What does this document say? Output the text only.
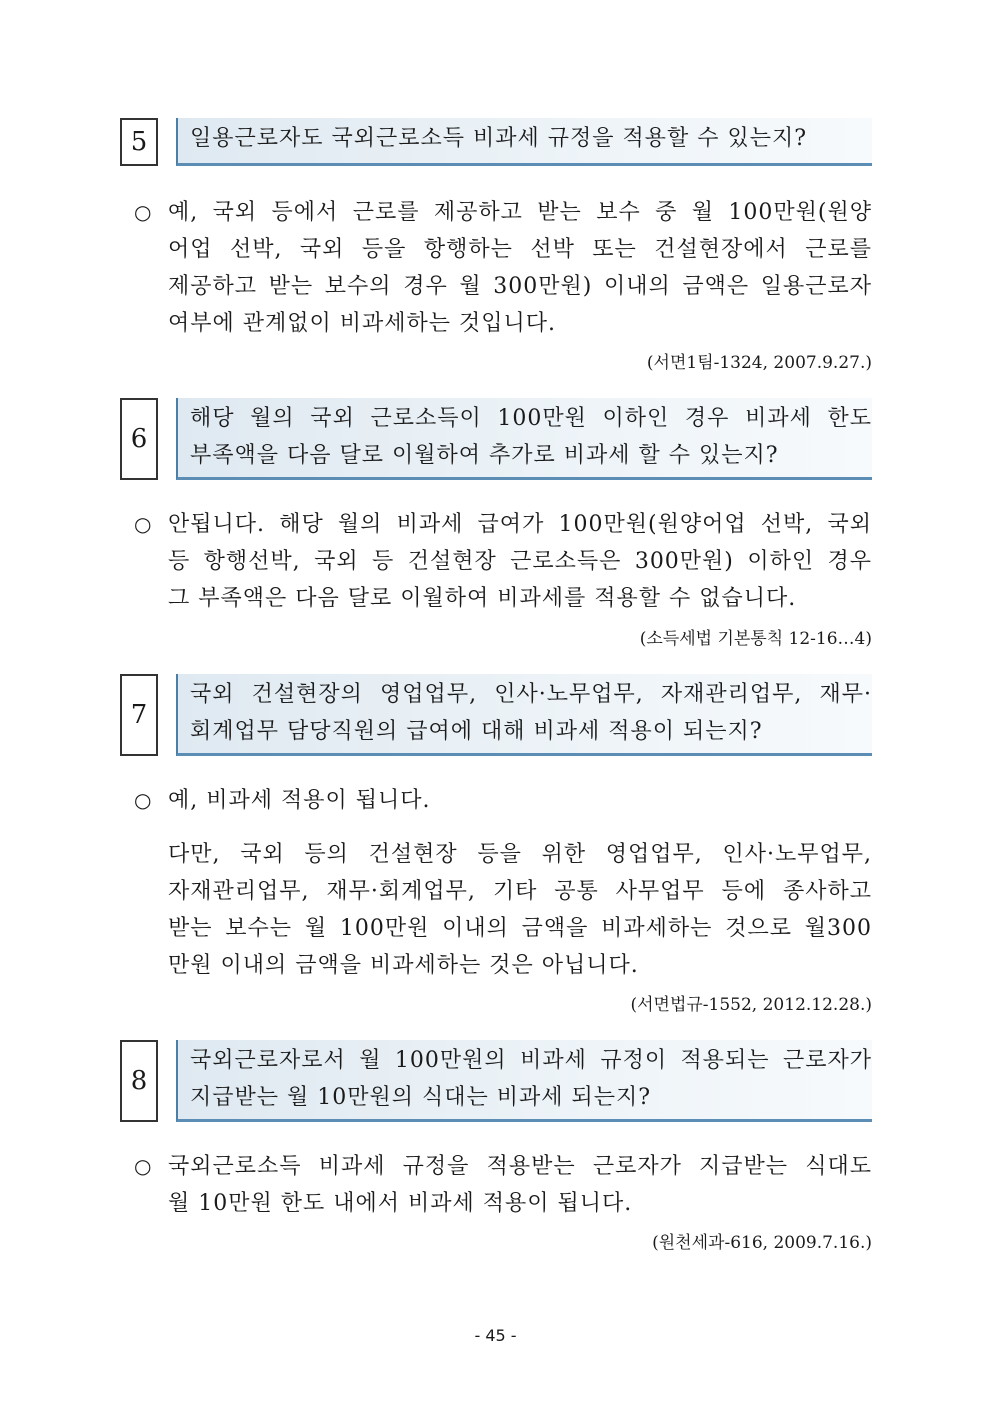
5	일용근로자도 국외근로소득 비과세 규정을 적용할 수 있는지?
○ 예, 국외 등에서 근로를 제공하고 받는 보수 중 월 100만원(원양
어업 선박, 국외 등을 항행하는 선박 또는 건설현장에서 근로를
제공하고 받는 보수의 경우 월 300만원) 이내의 금액은 일용근로자
여부에 관계없이 비과세하는 것입니다.
(서면1팀-1324, 2007.9.27.)
6
해당 월의 국외 근로소득이 100만원 이하인 경우 비과세 한도
부족액을 다음 달로 이월하여 추가로 비과세 할 수 있는지?
○ 안됩니다. 해당 월의 비과세 급여가 100만원(원양어업 선박, 국외
등 항행선박, 국외 등 건설현장 근로소득은 300만원) 이하인 경우
그 부족액은 다음 달로 이월하여 비과세를 적용할 수 없습니다.
(소득세법 기본통칙 12-16…4)
7
국외 건설현장의 영업업무, 인사·노무업무, 자재관리업무, 재무·
회계업무 담당직원의 급여에 대해 비과세 적용이 되는지?
○ 예, 비과세 적용이 됩니다.
다만, 국외 등의 건설현장 등을 위한 영업업무, 인사·노무업무,
자재관리업무, 재무·회계업무, 기타 공통 사무업무 등에 종사하고
받는 보수는 월 100만원 이내의 금액을 비과세하는 것으로 월300
만원 이내의 금액을 비과세하는 것은 아닙니다.
(서면법규-1552, 2012.12.28.)
8
국외근로자로서 월 100만원의 비과세 규정이 적용되는 근로자가
지급받는 월 10만원의 식대는 비과세 되는지?
○ 국외근로소득 비과세 규정을 적용받는 근로자가 지급받는 식대도
월 10만원 한도 내에서 비과세 적용이 됩니다.
(원천세과-616, 2009.7.16.)
- 45 -
